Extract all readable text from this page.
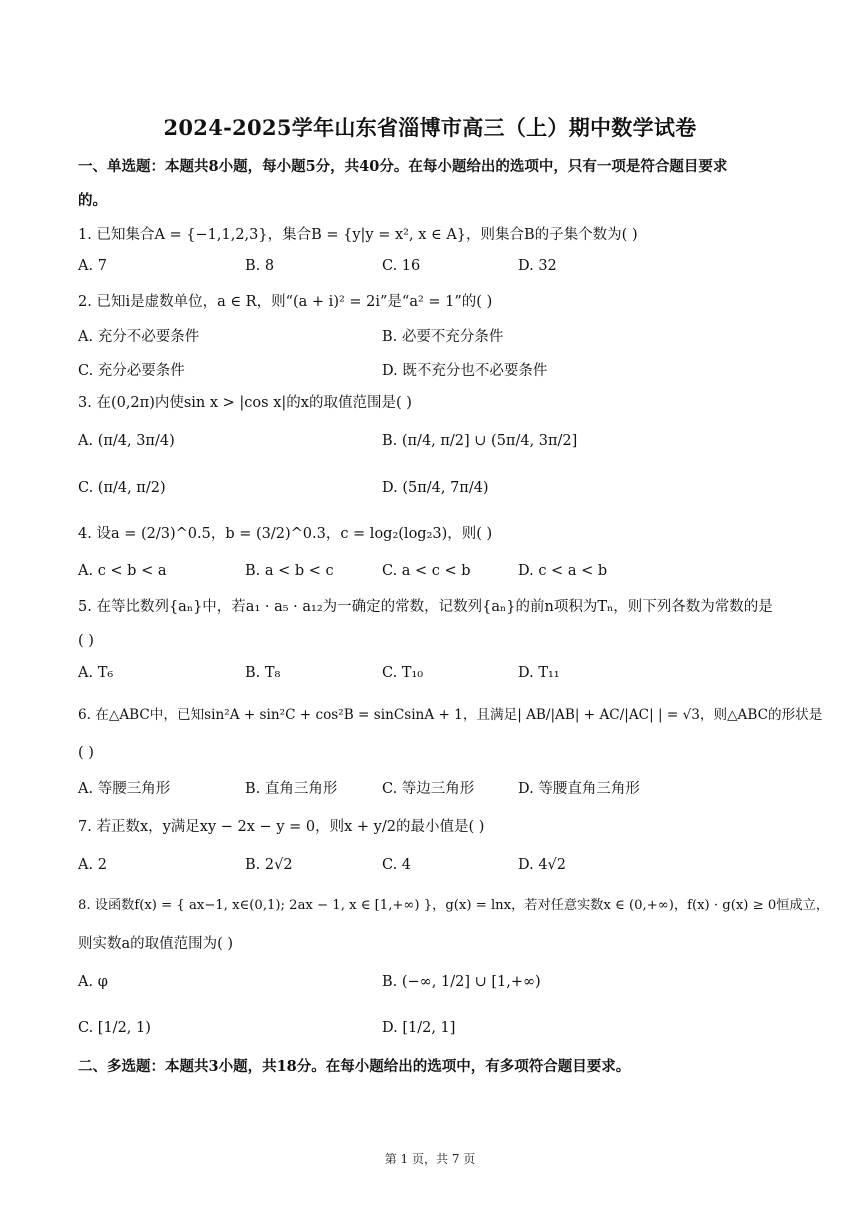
2024-2025学年山东省淄博市高三（上）期中数学试卷
一、单选题：本题共8小题，每小题5分，共40分。在每小题给出的选项中，只有一项是符合题目要求
的。
1. 已知集合A = {−1,1,2,3}，集合B = {y|y = x², x ∈ A}，则集合B的子集个数为( )
A. 7	B. 8	C. 16	D. 32
2. 已知i是虚数单位，a ∈ R，则“(a + i)² = 2i”是“a² = 1”的( )
A. 充分不必要条件	B. 必要不充分条件
C. 充分必要条件	D. 既不充分也不必要条件
3. 在(0,2π)内使sin x > |cos x|的x的取值范围是( )
A. (π/4, 3π/4)	B. (π/4, π/2] ∪ (5π/4, 3π/2]
C. (π/4, π/2)	D. (5π/4, 7π/4)
4. 设a = (2/3)^0.5，b = (3/2)^0.3，c = log₂(log₂3)，则( )
A. c < b < a	B. a < b < c	C. a < c < b	D. c < a < b
5. 在等比数列{aₙ}中，若a₁ · a₅ · a₁₂为一确定的常数，记数列{aₙ}的前n项积为Tₙ，则下列各数为常数的是
( )
A. T₆	B. T₈	C. T₁₀	D. T₁₁
6. 在△ABC中，已知sin²A + sin²C + cos²B = sinCsinA + 1，且满足| AB/|AB| + AC/|AC| | = √3，则△ABC的形状是
( )
A. 等腰三角形	B. 直角三角形	C. 等边三角形	D. 等腰直角三角形
7. 若正数x，y满足xy − 2x − y = 0，则x + y/2的最小值是( )
A. 2	B. 2√2	C. 4	D. 4√2
8. 设函数f(x) = { ax−1, x∈(0,1); 2ax − 1, x ∈ [1,+∞) }，g(x) = lnx，若对任意实数x ∈ (0,+∞)，f(x) · g(x) ≥ 0恒成立，
则实数a的取值范围为( )
A. φ	B. (−∞, 1/2] ∪ [1,+∞)
C. [1/2, 1)	D. [1/2, 1]
二、多选题：本题共3小题，共18分。在每小题给出的选项中，有多项符合题目要求。
第 1 页，共 7 页
